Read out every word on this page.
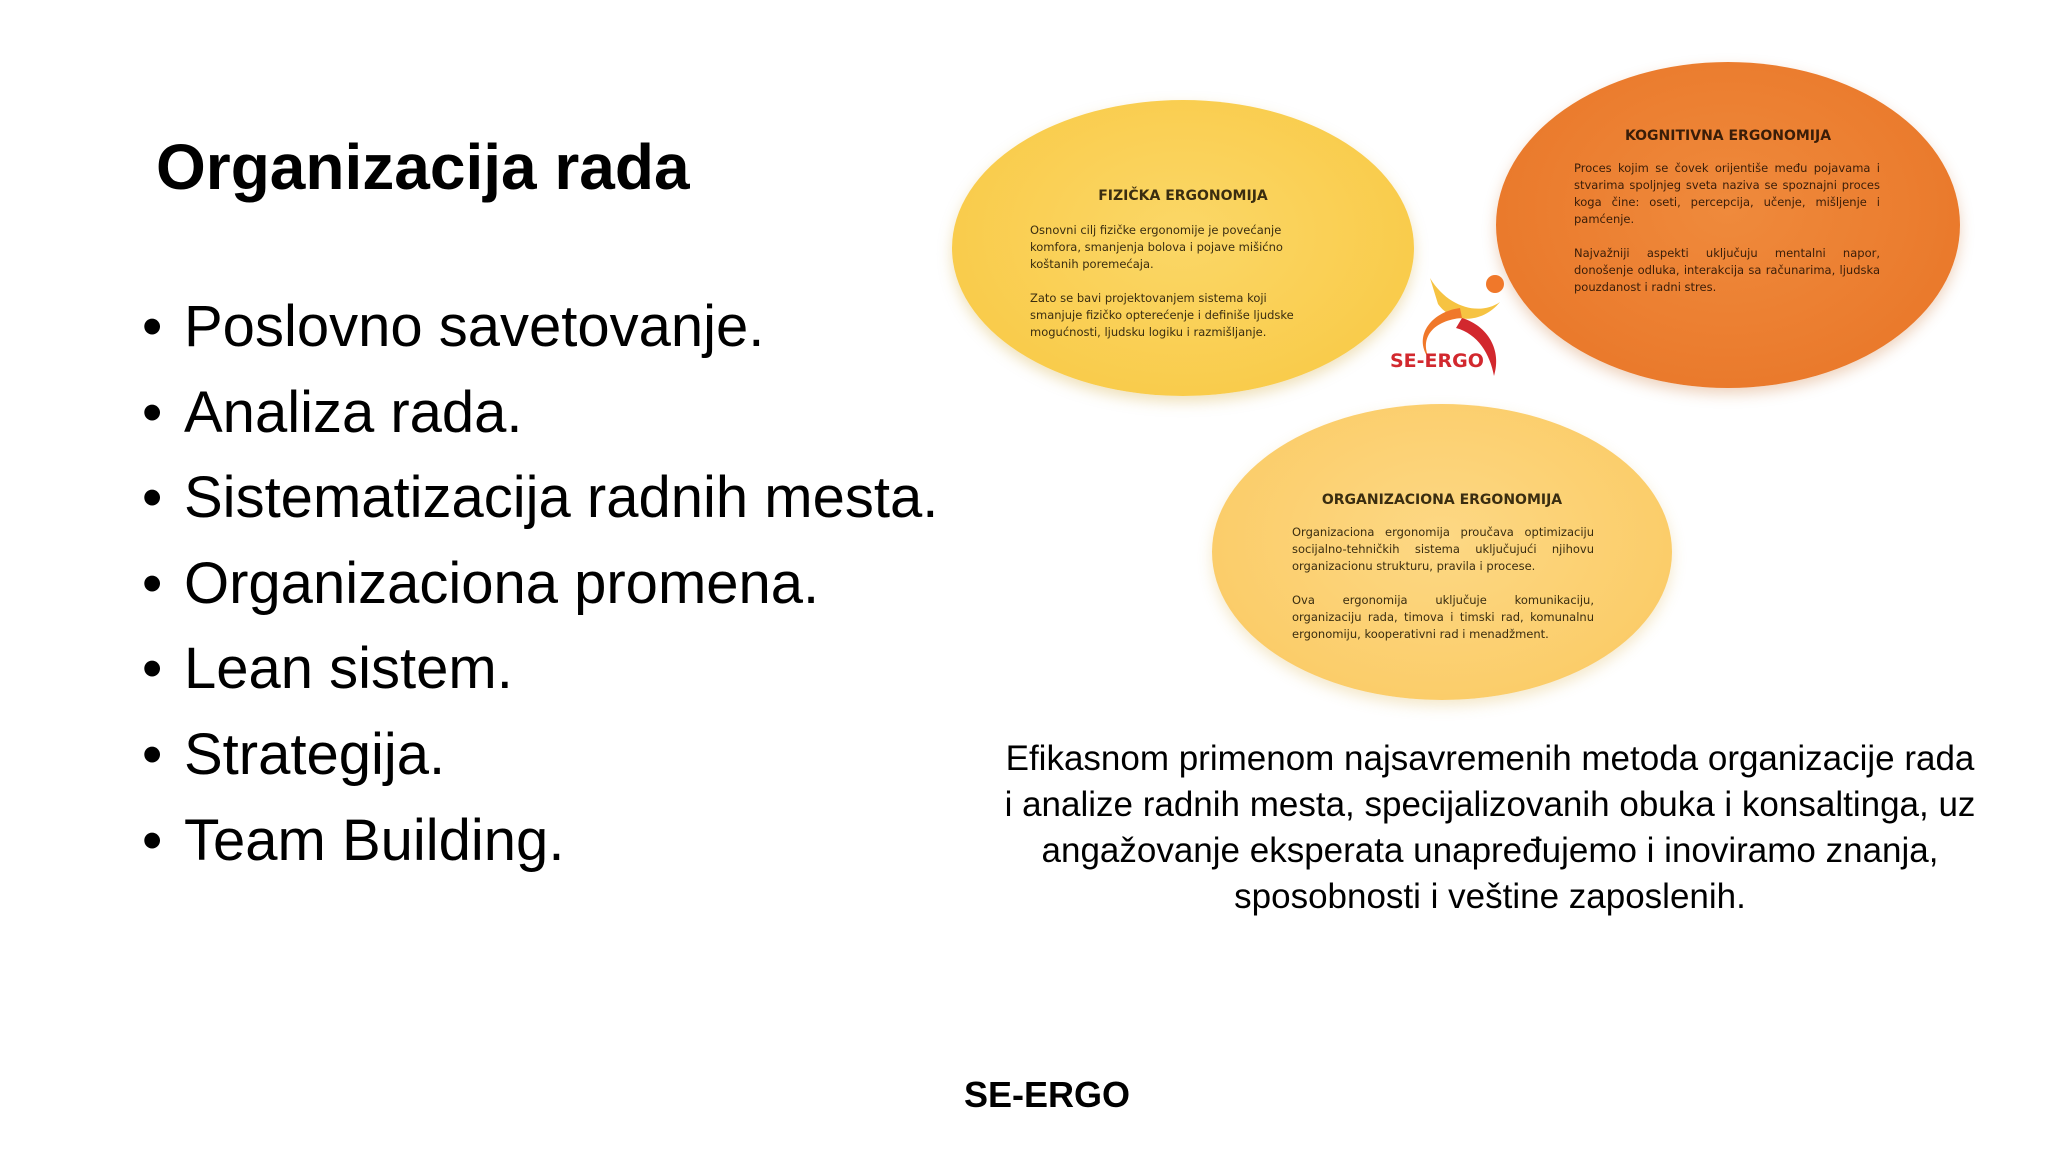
Organizacija rada
• Poslovno savetovanje.
• Analiza rada.
• Sistematizacija radnih mesta.
• Organizaciona promena.
• Lean sistem.
• Strategija.
• Team Building.
FIZIČKA ERGONOMIJA

Osnovni cilj fizičke ergonomije je povećanje komfora, smanjenja bolova i pojave mišićno koštanih poremećaja.

Zato se bavi projektovanjem sistema koji smanjuje fizičko opterećenje i definiše ljudske mogućnosti, ljudsku logiku i razmišljanje.

KOGNITIVNA ERGONOMIJA

Proces kojim se čovek orijentiše među pojavama i stvarima spoljnjeg sveta naziva se spoznajni proces koga čine: oseti, percepcija, učenje, mišljenje i pamćenje.

Najvažniji aspekti uključuju mentalni napor, donošenje odluka, interakcija sa računarima, ljudska pouzdanost i radni stres.

ORGANIZACIONA ERGONOMIJA

Organizaciona ergonomija proučava optimizaciju socijalno-tehničkih sistema uključujući njihovu organizacionu strukturu, pravila i procese.

Ova ergonomija uključuje komunikaciju, organizaciju rada, timova i timski rad, komunalnu ergonomiju, kooperativni rad i menadžment.

SE-ERGO
Efikasnom primenom najsavremenih metoda organizacije rada i analize radnih mesta, specijalizovanih obuka i konsaltinga, uz angažovanje eksperata unapređujemo i inoviramo znanja, sposobnosti i veštine zaposlenih.
SE-ERGO
